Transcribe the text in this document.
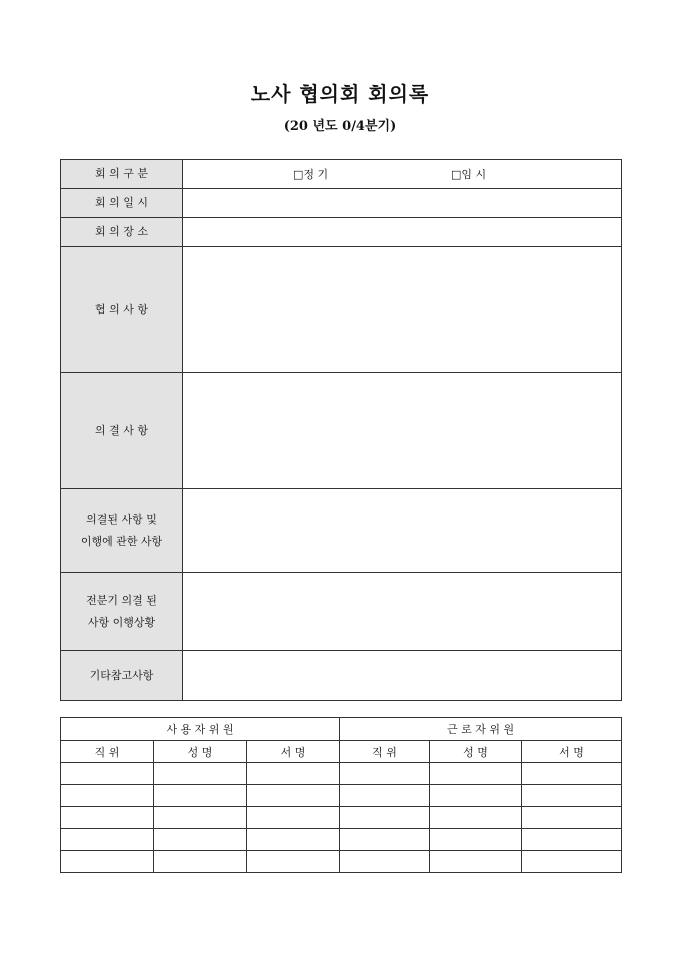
노사 협의회 회의록
(20 년도 0/4분기)
회 의 구 분	□정 기 □임 시

회 의 일 시	
회 의 장 소	
협 의 사 항	
의 결 사 항	

의결된 사항 및
이행에 관한 사항	

전분기 의결 된
사항 이행상황	

기타참고사항	
사 용 자 위 원			근 로 자 위 원		
직 위	성 명	서 명	직 위	성 명	서 명
